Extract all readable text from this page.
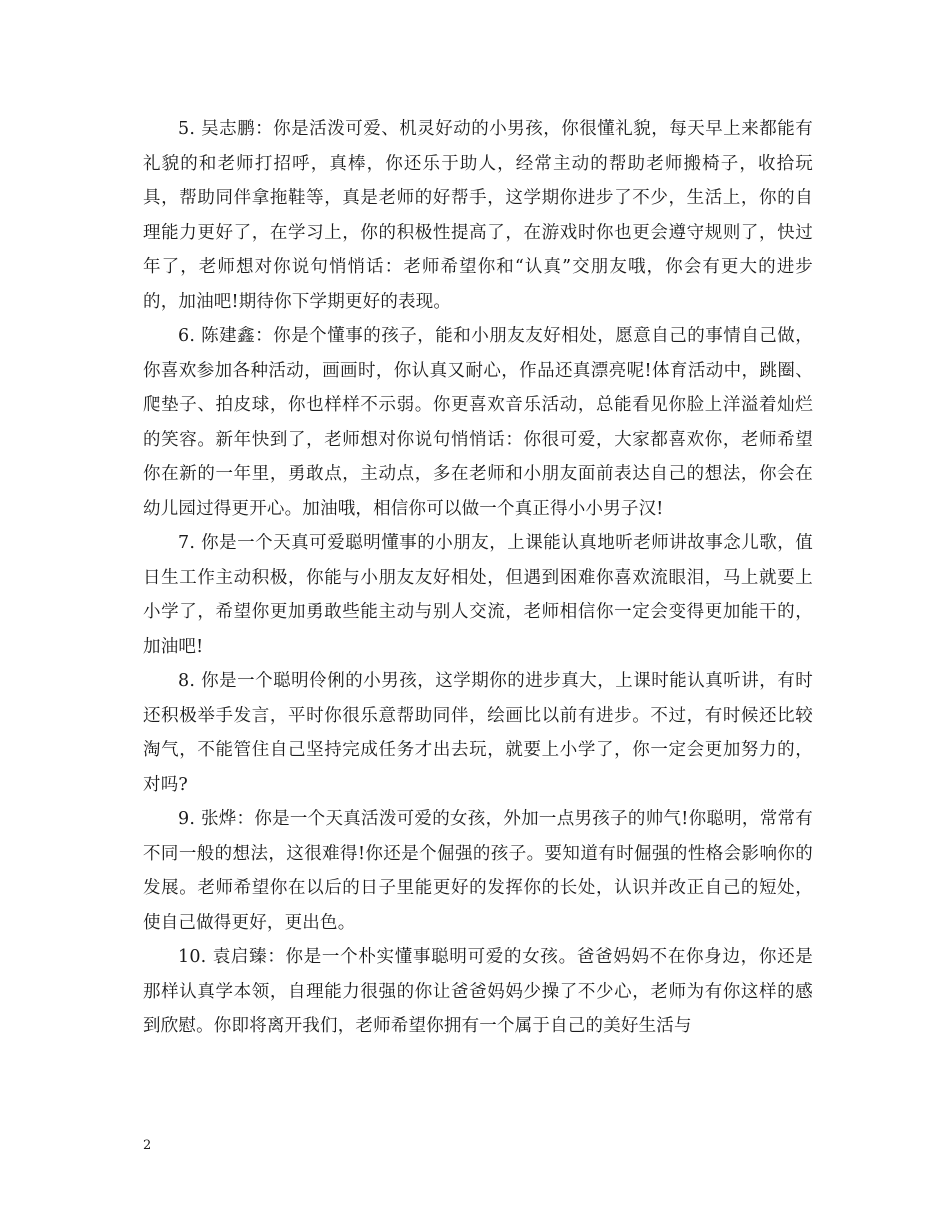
5. 吴志鹏：你是活泼可爱、机灵好动的小男孩，你很懂礼貌，每天早上来都能有礼貌的和老师打招呼，真棒，你还乐于助人，经常主动的帮助老师搬椅子，收拾玩具，帮助同伴拿拖鞋等，真是老师的好帮手，这学期你进步了不少，生活上，你的自理能力更好了，在学习上，你的积极性提高了，在游戏时你也更会遵守规则了，快过年了，老师想对你说句悄悄话：老师希望你和“认真”交朋友哦，你会有更大的进步的，加油吧!期待你下学期更好的表现。

6. 陈建鑫：你是个懂事的孩子，能和小朋友友好相处，愿意自己的事情自己做，你喜欢参加各种活动，画画时，你认真又耐心，作品还真漂亮呢!体育活动中，跳圈、爬垫子、拍皮球，你也样样不示弱。你更喜欢音乐活动，总能看见你脸上洋溢着灿烂的笑容。新年快到了，老师想对你说句悄悄话：你很可爱，大家都喜欢你，老师希望你在新的一年里，勇敢点，主动点，多在老师和小朋友面前表达自己的想法，你会在幼儿园过得更开心。加油哦，相信你可以做一个真正得小小男子汉!

7. 你是一个天真可爱聪明懂事的小朋友，上课能认真地听老师讲故事念儿歌，值日生工作主动积极，你能与小朋友友好相处，但遇到困难你喜欢流眼泪，马上就要上小学了，希望你更加勇敢些能主动与别人交流，老师相信你一定会变得更加能干的，加油吧!

8. 你是一个聪明伶俐的小男孩，这学期你的进步真大，上课时能认真听讲，有时还积极举手发言，平时你很乐意帮助同伴，绘画比以前有进步。不过，有时候还比较淘气，不能管住自己坚持完成任务才出去玩，就要上小学了，你一定会更加努力的，对吗?

9. 张烨：你是一个天真活泼可爱的女孩，外加一点男孩子的帅气!你聪明，常常有不同一般的想法，这很难得!你还是个倔强的孩子。要知道有时倔强的性格会影响你的发展。老师希望你在以后的日子里能更好的发挥你的长处，认识并改正自己的短处，使自己做得更好，更出色。

10. 袁启臻：你是一个朴实懂事聪明可爱的女孩。爸爸妈妈不在你身边，你还是那样认真学本领，自理能力很强的你让爸爸妈妈少操了不少心，老师为有你这样的感到欣慰。你即将离开我们，老师希望你拥有一个属于自己的美好生活与

2
